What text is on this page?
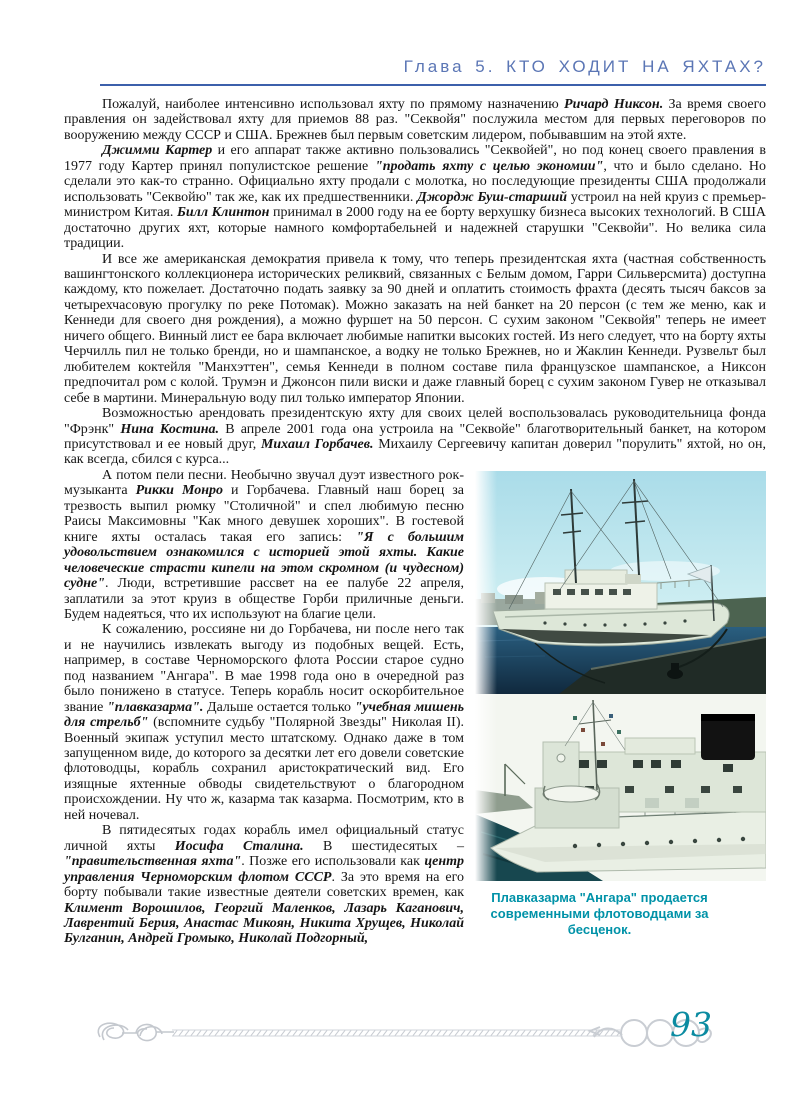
Глава 5. КТО ХОДИТ НА ЯХТАХ?

Пожалуй, наиболее интенсивно использовал яхту по прямому назначению Ричард Никсон. За время своего правления он задействовал яхту для приемов 88 раз. "Секвойя" послужила местом для первых переговоров по вооружению между СССР и США. Брежнев был первым советским лидером, побывавшим на этой яхте.

Джимми Картер и его аппарат также активно пользовались "Секвойей", но под конец своего правления в 1977 году Картер принял популистское решение "продать яхту с целью экономии", что и было сделано. Но сделали это как-то странно. Официально яхту продали с молотка, но последующие президенты США продолжали использовать "Секвойю" так же, как их предшественники. Джордж Буш-старший устроил на ней круиз с премьер-министром Китая. Билл Клинтон принимал в 2000 году на ее борту верхушку бизнеса высоких технологий. В США достаточно других яхт, которые намного комфортабельней и надежней старушки "Секвойи". Но велика сила традиции.

И все же американская демократия привела к тому, что теперь президентская яхта (частная собственность вашингтонского коллекционера исторических реликвий, связанных с Белым домом, Гарри Сильверсмита) доступна каждому, кто пожелает. Достаточно подать заявку за 90 дней и оплатить стоимость фрахта (десять тысяч баксов за четырехчасовую прогулку по реке Потомак). Можно заказать на ней банкет на 20 персон (с тем же меню, как и Кеннеди для своего дня рождения), а можно фуршет на 50 персон. С сухим законом "Секвойя" теперь не имеет ничего общего. Винный лист ее бара включает любимые напитки высоких гостей. Из него следует, что на борту яхты Черчилль пил не только бренди, но и шампанское, а водку не только Брежнев, но и Жаклин Кеннеди. Рузвельт был любителем коктейля "Манхэттен", семья Кеннеди в полном составе пила французское шампанское, а Никсон предпочитал ром с колой. Трумэн и Джонсон пили виски и даже главный борец с сухим законом Гувер не отказывал себе в мартини. Минеральную воду пил только император Японии.

Возможностью арендовать президентскую яхту для своих целей воспользовалась руководительница фонда "Фрэнк" Нина Костина. В апреле 2001 года она устроила на "Секвойе" благотворительный банкет, на котором присутствовал и ее новый друг, Михаил Горбачев. Михаилу Сергеевичу капитан доверил "порулить" яхтой, но он, как всегда, сбился с курса...

Плавказарма "Ангара" продается
современными флотоводцами за бесценок.

А потом пели песни. Необычно звучал дуэт известного рок-музыканта Рикки Монро и Горбачева. Главный наш борец за трезвость выпил рюмку "Столичной" и спел любимую песню Раисы Максимовны "Как много девушек хороших". В гостевой книге яхты осталась такая его запись: "Я с большим удовольствием ознакомился с историей этой яхты. Какие человеческие страсти кипели на этом скромном (и чудесном) судне". Люди, встретившие рассвет на ее палубе 22 апреля, заплатили за этот круиз в обществе Горби приличные деньги. Будем надеяться, что их используют на благие цели.

К сожалению, россияне ни до Горбачева, ни после него так и не научились извлекать выгоду из подобных вещей. Есть, например, в составе Черноморского флота России старое судно под названием "Ангара". В мае 1998 года оно в очередной раз было понижено в статусе. Теперь корабль носит оскорбительное звание "плавказарма". Дальше остается только "учебная мишень для стрельб" (вспомните судьбу "Полярной Звезды" Николая II). Военный экипаж уступил место штатскому. Однако даже в том запущенном виде, до которого за десятки лет его довели советские флотоводцы, корабль сохранил аристократический вид. Его изящные яхтенные обводы свидетельствуют о благородном происхождении. Ну что ж, казарма так казарма. Посмотрим, кто в ней ночевал.

В пятидесятых годах корабль имел официальный статус личной яхты Иосифа Сталина. В шестидесятых – "правительственная яхта". Позже его использовали как центр управления Черноморским флотом СССР. За это время на его борту побывали такие известные деятели советских времен, как Климент Ворошилов, Георгий Маленков, Лазарь Каганович, Лаврентий Берия, Анастас Микоян, Никита Хрущев, Николай Булганин, Андрей Громыко, Николай Подгорный,

93
